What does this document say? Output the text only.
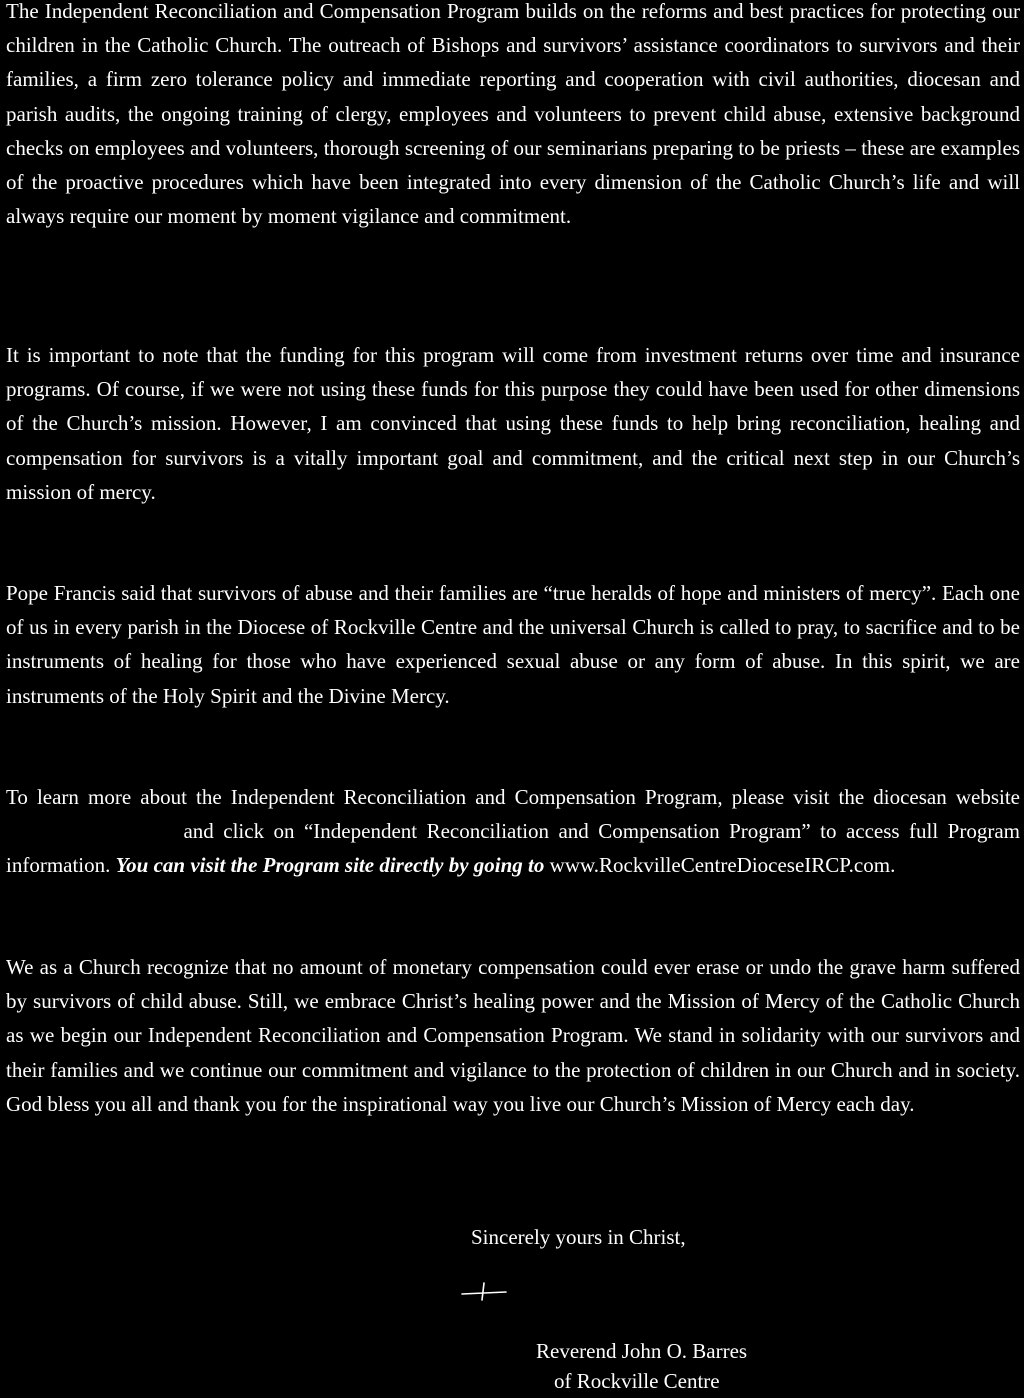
The Independent Reconciliation and Compensation Program builds on the reforms and best practices for protecting our children in the Catholic Church. The outreach of Bishops and survivors’ assistance coordinators to survivors and their families, a firm zero tolerance policy and immediate reporting and cooperation with civil authorities, diocesan and parish audits, the ongoing training of clergy, employees and volunteers to prevent child abuse, extensive background checks on employees and volunteers, thorough screening of our seminarians preparing to be priests – these are examples of the proactive procedures which have been integrated into every dimension of the Catholic Church’s life and will always require our moment by moment vigilance and commitment.

It is important to note that the funding for this program will come from investment returns over time and insurance programs. Of course, if we were not using these funds for this purpose they could have been used for other dimensions of the Church’s mission. However, I am convinced that using these funds to help bring reconciliation, healing and compensation for survivors is a vitally important goal and commitment, and the critical next step in our Church’s mission of mercy.

Pope Francis said that survivors of abuse and their families are “true heralds of hope and ministers of mercy”. Each one of us in every parish in the Diocese of Rockville Centre and the universal Church is called to pray, to sacrifice and to be instruments of healing for those who have experienced sexual abuse or any form of abuse. In this spirit, we are instruments of the Holy Spirit and the Divine Mercy.

To learn more about the Independent Reconciliation and Compensation Program, please visit the diocesan website  and click on “Independent Reconciliation and Compensation Program” to access full Program information. You can visit the Program site directly by going to www.RockvilleCentreDioceseIRCP.com.

We as a Church recognize that no amount of monetary compensation could ever erase or undo the grave harm suffered by survivors of child abuse. Still, we embrace Christ’s healing power and the Mission of Mercy of the Catholic Church as we begin our Independent Reconciliation and Compensation Program. We stand in solidarity with our survivors and their families and we continue our commitment and vigilance to the protection of children in our Church and in society. God bless you all and thank you for the inspirational way you live our Church’s Mission of Mercy each day.

Sincerely yours in Christ,

Reverend John O. Barres

of Rockville Centre
